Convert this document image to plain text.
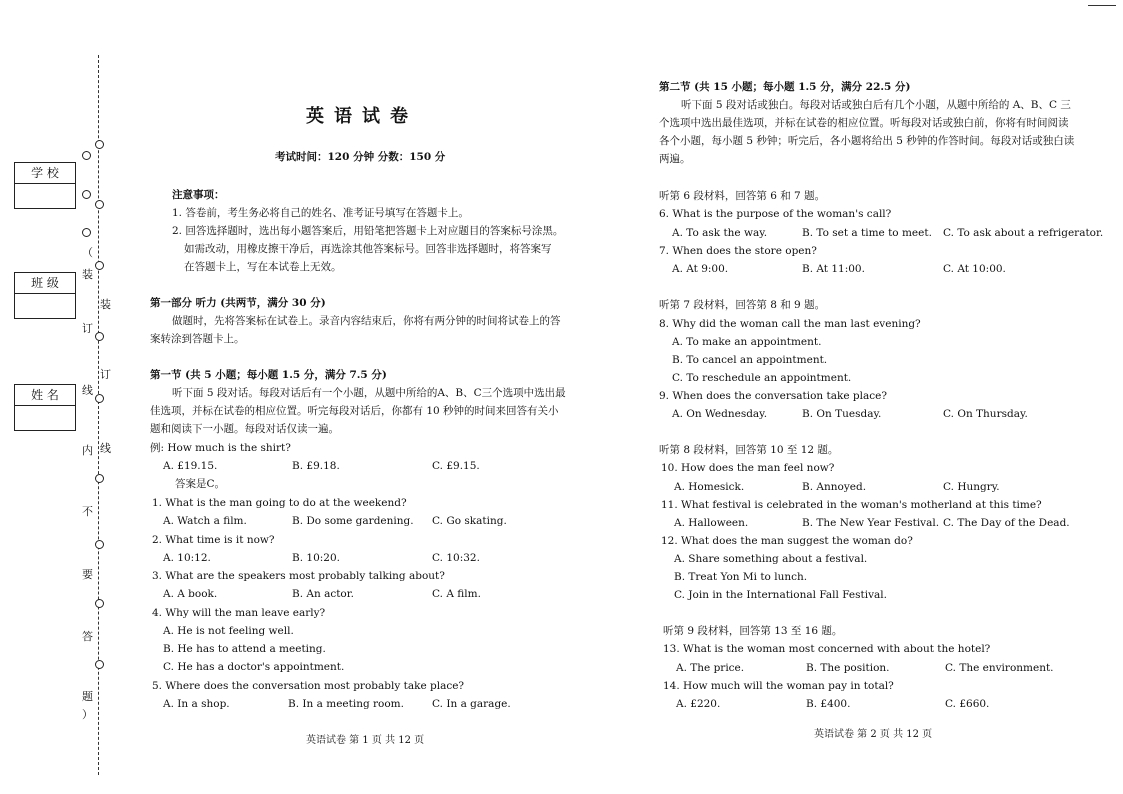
学 校
班 级
姓 名
（
装
订
线
内
不
要
答
题
）
装
订
线
英语试卷
考试时间：120 分钟 分数：150 分
注意事项：
1. 答卷前，考生务必将自己的姓名、准考证号填写在答题卡上。
2. 回答选择题时，选出每小题答案后，用铅笔把答题卡上对应题目的答案标号涂黑。
如需改动，用橡皮擦干净后，再选涂其他答案标号。回答非选择题时，将答案写
在答题卡上，写在本试卷上无效。
第一部分 听力 (共两节，满分 30 分)
做题时，先将答案标在试卷上。录音内容结束后，你将有两分钟的时间将试卷上的答
案转涂到答题卡上。
第一节 (共 5 小题；每小题 1.5 分，满分 7.5 分)
听下面 5 段对话。每段对话后有一个小题，从题中所给的A、B、C三个选项中选出最
佳选项，并标在试卷的相应位置。听完每段对话后，你都有 10 秒钟的时间来回答有关小
题和阅读下一小题。每段对话仅读一遍。
例: How much is the shirt?
A. £19.15.	B. £9.18.	C. £9.15.
答案是C。
1. What is the man going to do at the weekend?
A. Watch a film.	B. Do some gardening. C. Go skating.
2. What time is it now?
A. 10:12.	B. 10:20.	C. 10:32.
3. What are the speakers most probably talking about?
A. A book.	B. An actor.	C. A film.
4. Why will the man leave early?
A. He is not feeling well.
B. He has to attend a meeting.
C. He has a doctor's appointment.
5. Where does the conversation most probably take place?
A. In a shop.	B. In a meeting room.	C. In a garage.
英语试卷 第 1 页 共 12 页
第二节 (共 15 小题；每小题 1.5 分，满分 22.5 分)
听下面 5 段对话或独白。每段对话或独白后有几个小题，从题中所给的 A、B、C 三
个选项中选出最佳选项，并标在试卷的相应位置。听每段对话或独白前，你将有时间阅读
各个小题，每小题 5 秒钟；听完后，各小题将给出 5 秒钟的作答时间。每段对话或独白读
两遍。
听第 6 段材料，回答第 6 和 7 题。
6. What is the purpose of the woman's call?
A. To ask the way.	B. To set a time to meet. C. To ask about a refrigerator.
7. When does the store open?
A. At 9:00.	B. At 11:00.	C. At 10:00.
听第 7 段材料，回答第 8 和 9 题。
8. Why did the woman call the man last evening?
A. To make an appointment.
B. To cancel an appointment.
C. To reschedule an appointment.
9. When does the conversation take place?
A. On Wednesday.	B. On Tuesday.	C. On Thursday.
听第 8 段材料，回答第 10 至 12 题。
10. How does the man feel now?
A. Homesick.	B. Annoyed.	C. Hungry.
11. What festival is celebrated in the woman's motherland at this time?
A. Halloween.	B. The New Year Festival. C. The Day of the Dead.
12. What does the man suggest the woman do?
A. Share something about a festival.
B. Treat Yon Mi to lunch.
C. Join in the International Fall Festival.
听第 9 段材料，回答第 13 至 16 题。
13. What is the woman most concerned with about the hotel?
A. The price.	B. The position.	C. The environment.
14. How much will the woman pay in total?
A. £220.	B. £400.	C. £660.
英语试卷 第 2 页 共 12 页
